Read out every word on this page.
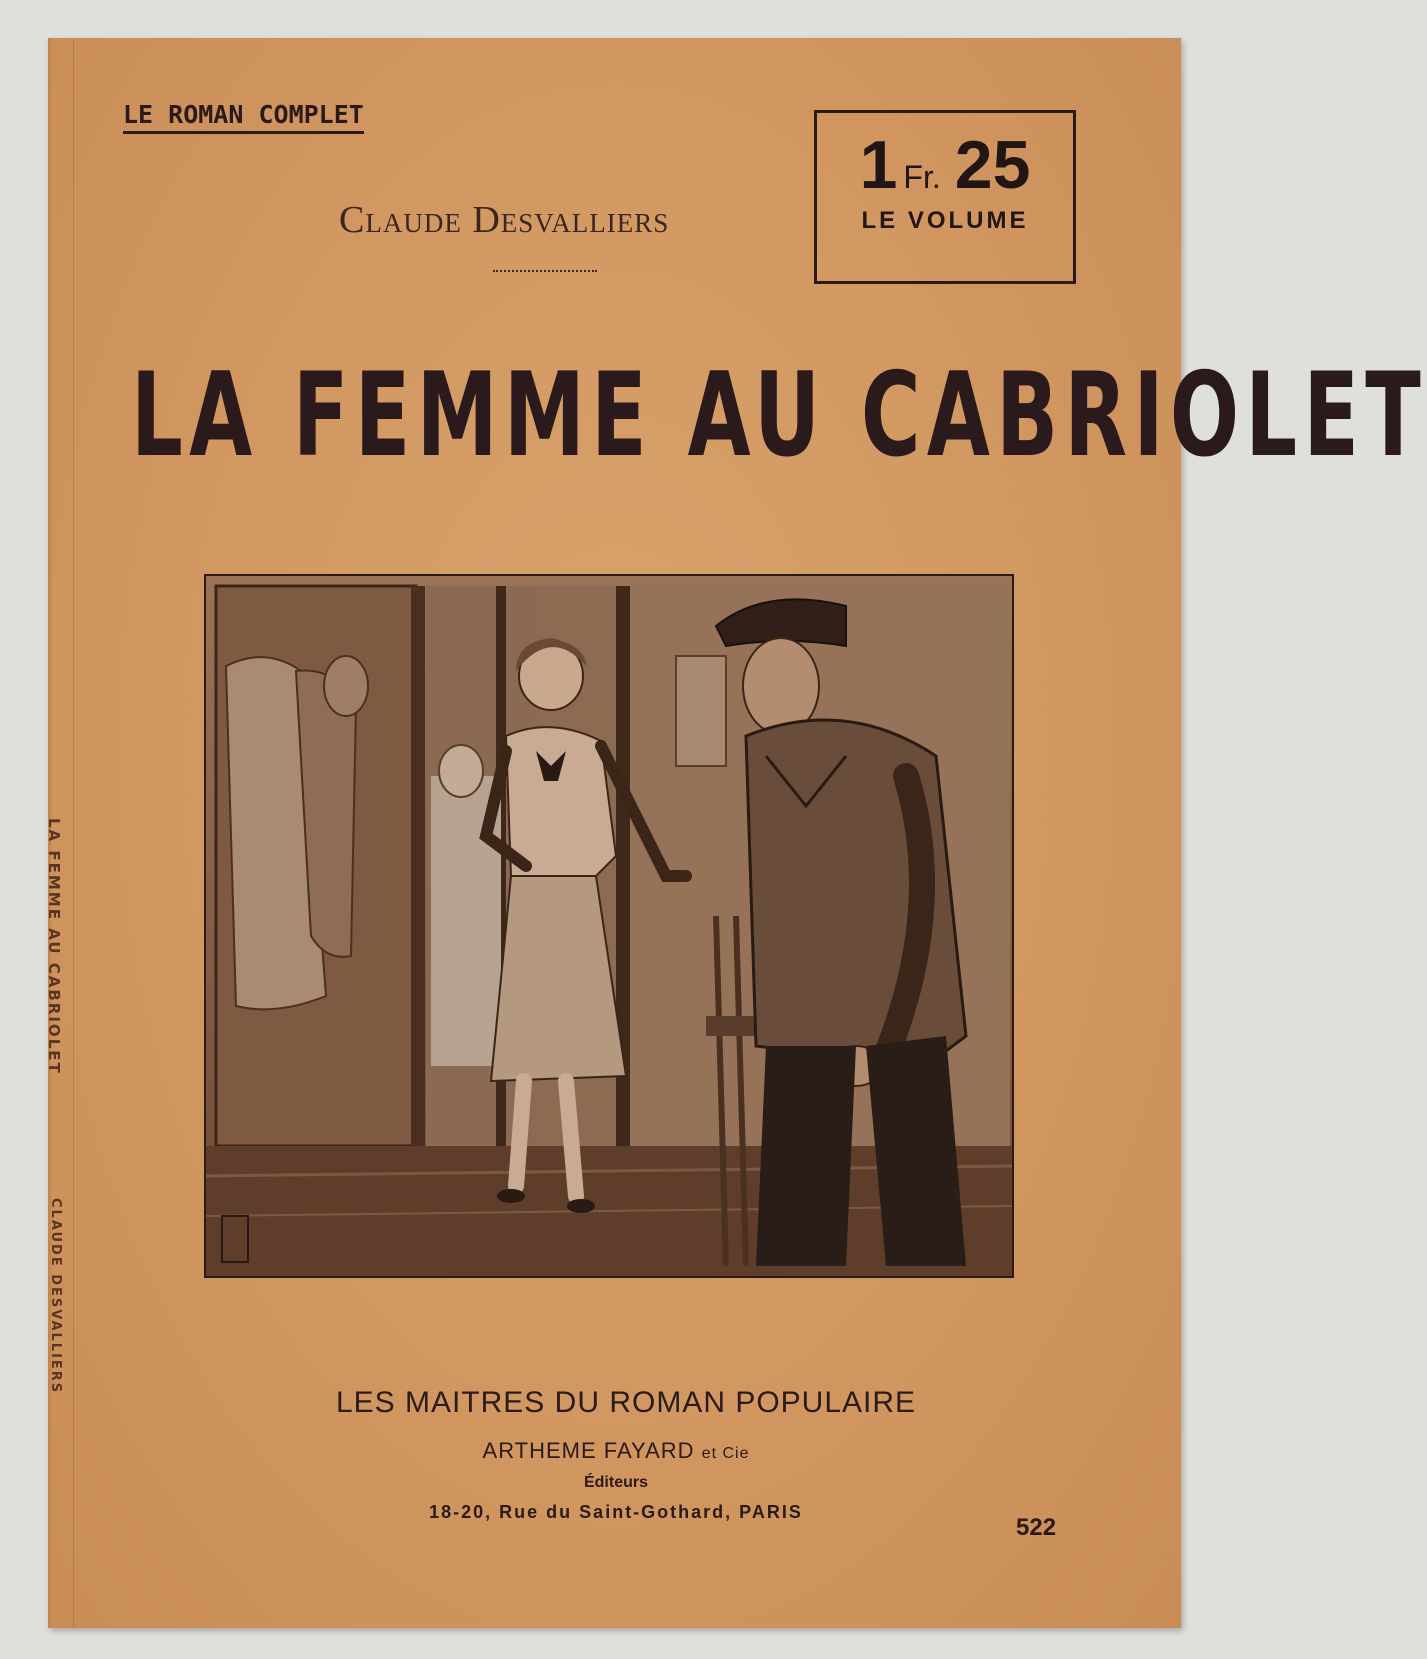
LA FEMME AU CABRIOLET
CLAUDE DESVALLIERS
LE ROMAN COMPLET
Claude Desvalliers
1 Fr. 25
LE VOLUME
LA FEMME AU CABRIOLET
LES MAITRES DU ROMAN POPULAIRE
ARTHEME FAYARD et Cie
Éditeurs
18-20, Rue du Saint-Gothard, PARIS
522
